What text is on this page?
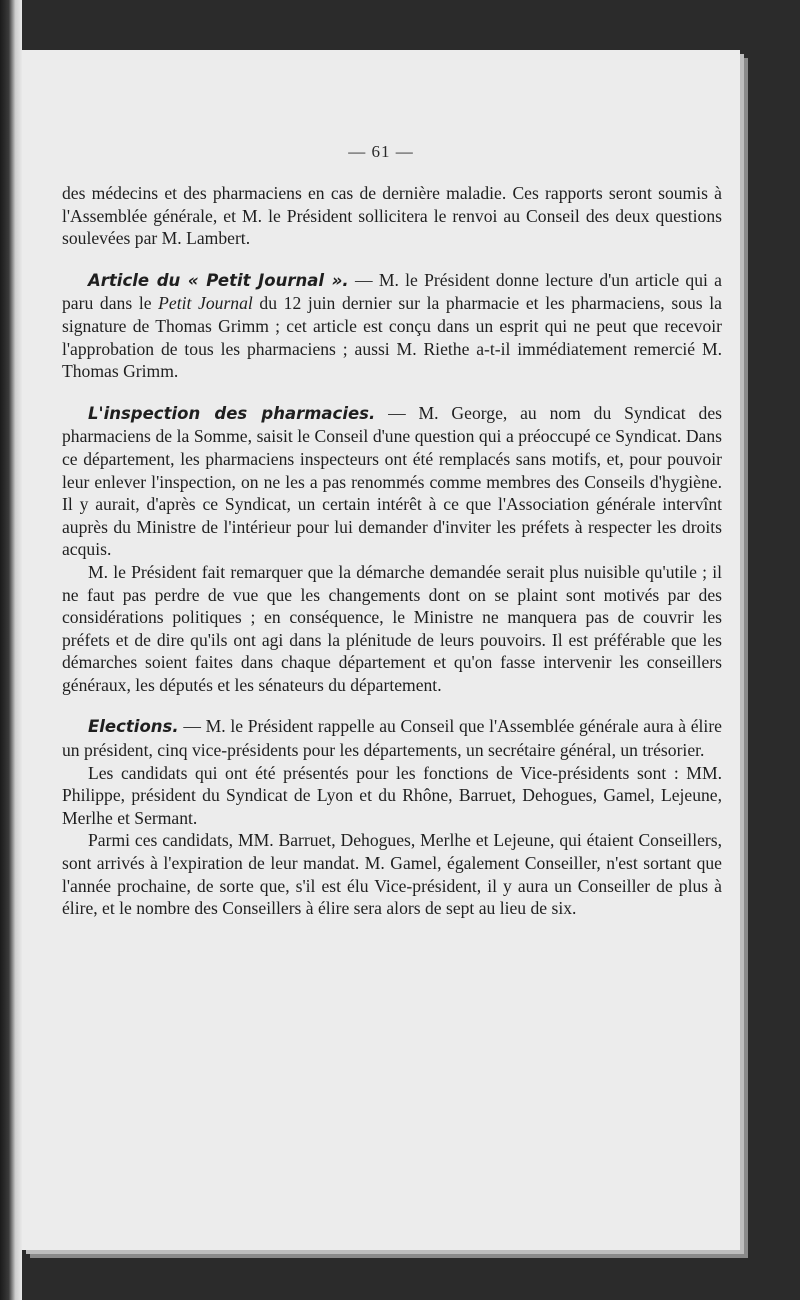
— 61 —

des médecins et des pharmaciens en cas de dernière maladie. Ces rapports seront soumis à l'Assemblée générale, et M. le Président sollicitera le renvoi au Conseil des deux questions soulevées par M. Lambert.

Article du « Petit Journal ». — M. le Président donne lecture d'un article qui a paru dans le Petit Journal du 12 juin dernier sur la pharmacie et les pharmaciens, sous la signature de Thomas Grimm ; cet article est conçu dans un esprit qui ne peut que recevoir l'approbation de tous les pharmaciens ; aussi M. Riethe a-t-il immédiatement remercié M. Thomas Grimm.

L'inspection des pharmacies. — M. George, au nom du Syndicat des pharmaciens de la Somme, saisit le Conseil d'une question qui a préoccupé ce Syndicat. Dans ce département, les pharmaciens inspecteurs ont été remplacés sans motifs, et, pour pouvoir leur enlever l'inspection, on ne les a pas renommés comme membres des Conseils d'hygiène. Il y aurait, d'après ce Syndicat, un certain intérêt à ce que l'Association générale intervînt auprès du Ministre de l'intérieur pour lui demander d'inviter les préfets à respecter les droits acquis.

M. le Président fait remarquer que la démarche demandée serait plus nuisible qu'utile ; il ne faut pas perdre de vue que les changements dont on se plaint sont motivés par des considérations politiques ; en conséquence, le Ministre ne manquera pas de couvrir les préfets et de dire qu'ils ont agi dans la plénitude de leurs pouvoirs. Il est préférable que les démarches soient faites dans chaque département et qu'on fasse intervenir les conseillers généraux, les députés et les sénateurs du département.

Elections. — M. le Président rappelle au Conseil que l'Assemblée générale aura à élire un président, cinq vice-présidents pour les départements, un secrétaire général, un trésorier.

Les candidats qui ont été présentés pour les fonctions de Vice-présidents sont : MM. Philippe, président du Syndicat de Lyon et du Rhône, Barruet, Dehogues, Gamel, Lejeune, Merlhe et Sermant.

Parmi ces candidats, MM. Barruet, Dehogues, Merlhe et Lejeune, qui étaient Conseillers, sont arrivés à l'expiration de leur mandat. M. Gamel, également Conseiller, n'est sortant que l'année prochaine, de sorte que, s'il est élu Vice-président, il y aura un Conseiller de plus à élire, et le nombre des Conseillers à élire sera alors de sept au lieu de six.
